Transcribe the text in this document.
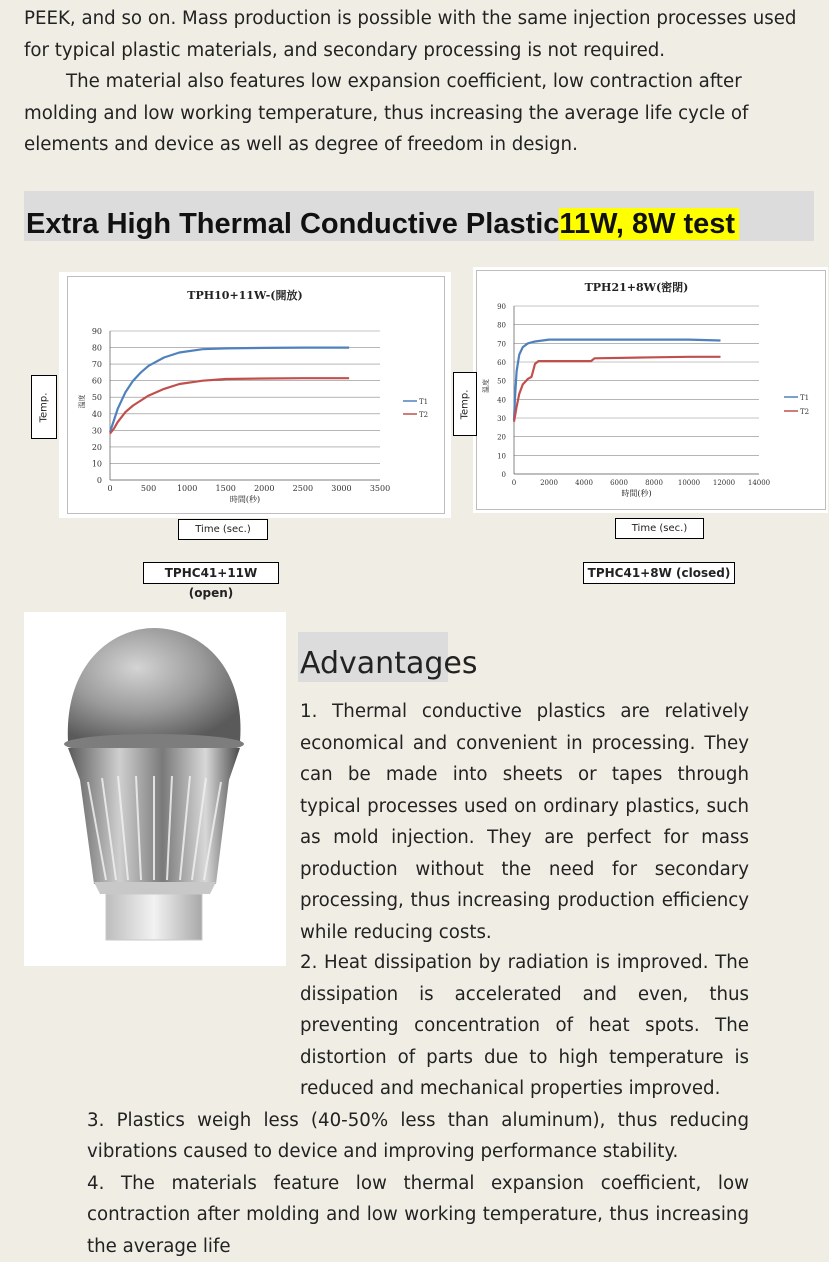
PEEK, and so on. Mass production is possible with the same injection processes used for typical plastic materials, and secondary processing is not required.

The material also features low expansion coefficient, low contraction after molding and low working temperature, thus increasing the average life cycle of elements and device as well as degree of freedom in design.

Extra High Thermal Conductive Plastic11W, 8W test
TPH10+11W-(開放)
0
10
20
30
40
50
60
70
80
90
0	500	1000 1500 2000 2500 3000 3500
時間(秒)
溫度	T1
T2
Temp.
Time (sec.)
TPHC41+11W (open)
TPH21+8W(密閉)
0
10
20
30
40
50
60
70
80
90
0	2000 4000 6000 8000 10000 12000 14000
時間(秒)
溫度
T1
T2
Temp.
Time (sec.)
TPHC41+8W (closed)
Advantages

1. Thermal conductive plastics are relatively economical and convenient in processing. They can be made into sheets or tapes through typical processes used on ordinary plastics, such as mold injection. They are perfect for mass production without the need for secondary processing, thus increasing production efficiency while reducing costs.

2. Heat dissipation by radiation is improved. The dissipation is accelerated and even, thus preventing concentration of heat spots. The distortion of parts due to high temperature is reduced and mechanical properties improved.

3. Plastics weigh less (40-50% less than aluminum), thus reducing vibrations caused to device and improving performance stability.

4. The materials feature low thermal expansion coefficient, low contraction after molding and low working temperature, thus increasing the average life
